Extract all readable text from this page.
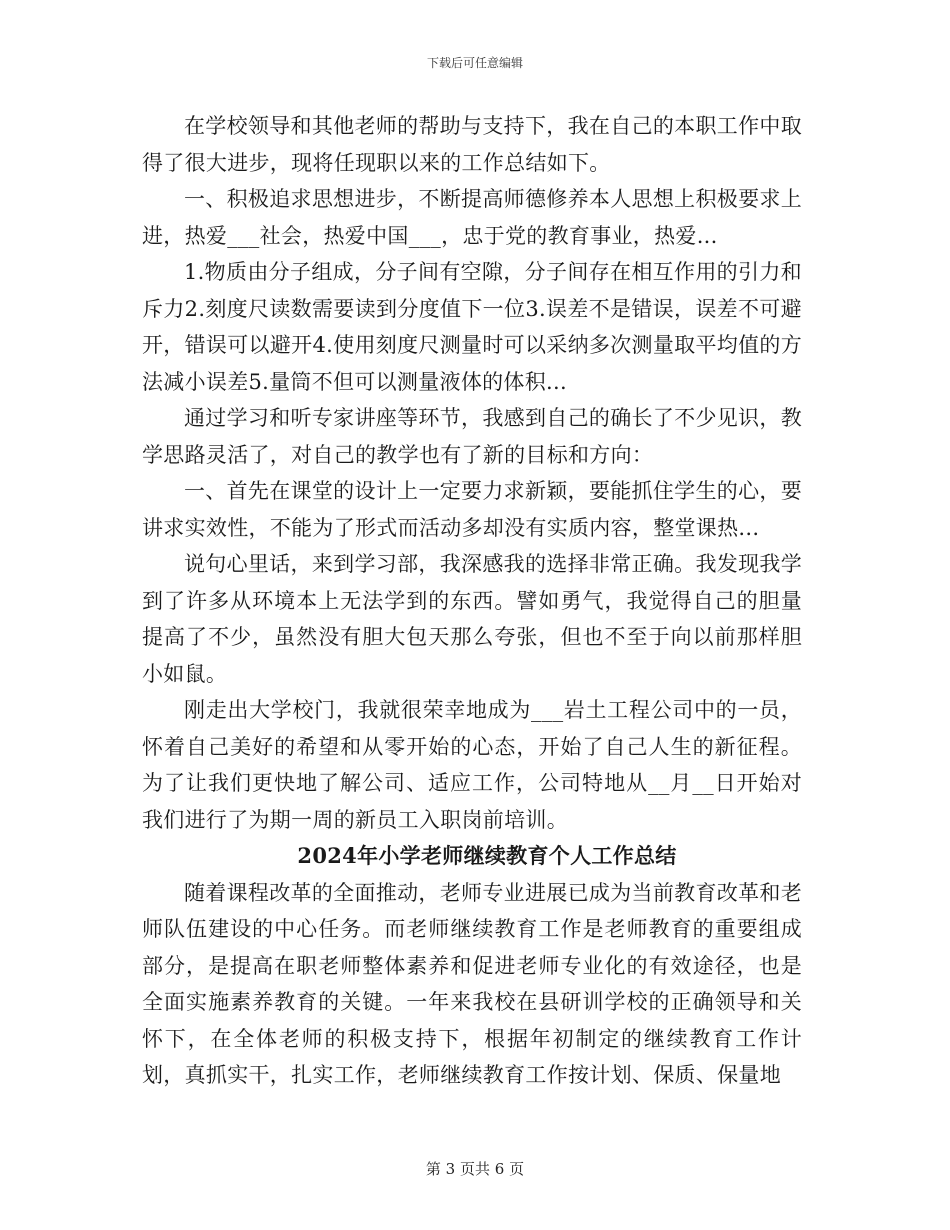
下载后可任意编辑

在学校领导和其他老师的帮助与支持下，我在自己的本职工作中取得了很大进步，现将任现职以来的工作总结如下。

一、积极追求思想进步，不断提高师德修养本人思想上积极要求上进，热爱___社会，热爱中国___，忠于党的教育事业，热爱...

1.物质由分子组成，分子间有空隙，分子间存在相互作用的引力和斥力2.刻度尺读数需要读到分度值下一位3.误差不是错误，误差不可避开，错误可以避开4.使用刻度尺测量时可以采纳多次测量取平均值的方法减小误差5.量筒不但可以测量液体的体积...

通过学习和听专家讲座等环节，我感到自己的确长了不少见识，教学思路灵活了，对自己的教学也有了新的目标和方向：

一、首先在课堂的设计上一定要力求新颖，要能抓住学生的心，要讲求实效性，不能为了形式而活动多却没有实质内容，整堂课热...

说句心里话，来到学习部，我深感我的选择非常正确。我发现我学到了许多从环境本上无法学到的东西。譬如勇气，我觉得自己的胆量提高了不少，虽然没有胆大包天那么夸张，但也不至于向以前那样胆小如鼠。

刚走出大学校门，我就很荣幸地成为___岩土工程公司中的一员，怀着自己美好的希望和从零开始的心态，开始了自己人生的新征程。为了让我们更快地了解公司、适应工作，公司特地从__月__日开始对我们进行了为期一周的新员工入职岗前培训。

2024年小学老师继续教育个人工作总结

随着课程改革的全面推动，老师专业进展已成为当前教育改革和老师队伍建设的中心任务。而老师继续教育工作是老师教育的重要组成部分，是提高在职老师整体素养和促进老师专业化的有效途径，也是全面实施素养教育的关键。一年来我校在县研训学校的正确领导和关怀下，在全体老师的积极支持下，根据年初制定的继续教育工作计划，真抓实干，扎实工作，老师继续教育工作按计划、保质、保量地

第 3 页共 6 页
